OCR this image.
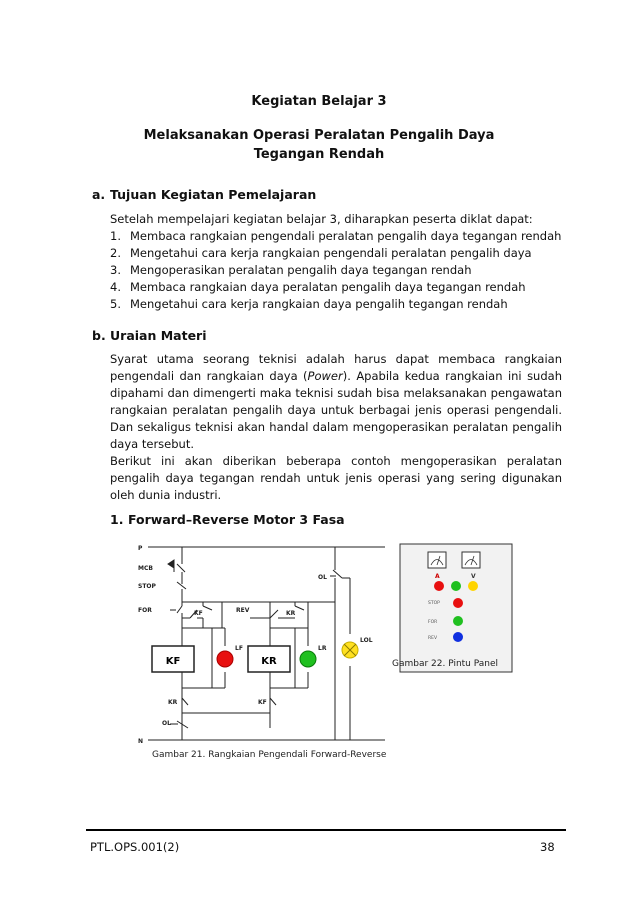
Kegiatan Belajar 3
Melaksanakan Operasi Peralatan Pengalih Daya
Tegangan Rendah
a. Tujuan Kegiatan Pemelajaran
Setelah mempelajari kegiatan belajar 3, diharapkan peserta diklat dapat:
1. Membaca rangkaian pengendali peralatan pengalih daya tegangan rendah
2. Mengetahui cara kerja rangkaian pengendali peralatan pengalih daya
3. Mengoperasikan peralatan pengalih daya tegangan rendah
4. Membaca rangkaian daya peralatan pengalih daya tegangan rendah
5. Mengetahui cara kerja rangkaian daya pengalih tegangan rendah
b. Uraian Materi

Syarat utama seorang teknisi adalah harus dapat membaca rangkaian pengendali dan rangkaian daya (Power). Apabila kedua rangkaian ini sudah dipahami dan dimengerti maka teknisi sudah bisa melaksanakan pengawatan rangkaian peralatan pengalih daya untuk berbagai jenis operasi pengendali. Dan sekaligus teknisi akan handal dalam mengoperasikan peralatan pengalih daya tersebut.

Berikut ini akan diberikan beberapa contoh mengoperasikan peralatan pengalih daya tegangan rendah untuk jenis operasi yang sering digunakan oleh dunia industri.

1. Forward–Reverse Motor 3 Fasa
KF	KR
P
MCB
STOP
FOR	REV
N
OL
OL
KF	KR
KR	KF
LF	LR
LOL
Gambar 21. Rangkaian Pengendali Forward-Reverse
A	V
STOP
FOR
REV
Gambar 22. Pintu Panel
PTL.OPS.001(2)	38
